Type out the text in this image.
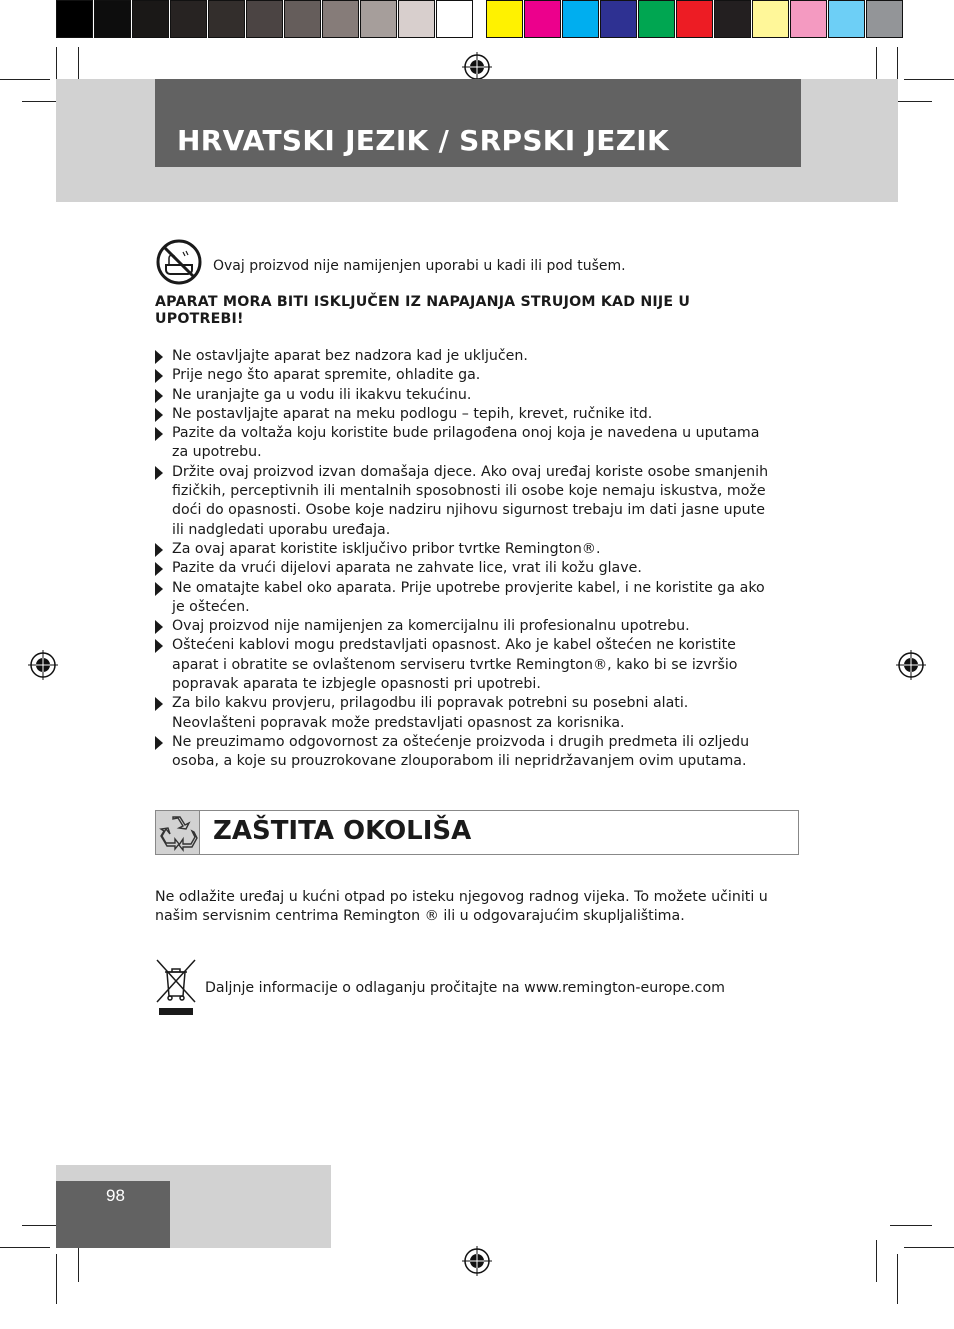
HRVATSKI JEZIK / SRPSKI JEZIK
Ovaj proizvod nije namijenjen uporabi u kadi ili pod tušem.

APARAT MORA BITI ISKLJUČEN IZ NAPAJANJA STRUJOM KAD NIJE U UPOTREBI!

Ne ostavljajte aparat bez nadzora kad je uključen.
Prije nego što aparat spremite, ohladite ga.
Ne uranjajte ga u vodu ili ikakvu tekućinu.
Ne postavljajte aparat na meku podlogu – tepih, krevet, ručnike itd.
Pazite da voltaža koju koristite bude prilagođena onoj koja je navedena u uputama za upotrebu.
Držite ovaj proizvod izvan domašaja djece. Ako ovaj uređaj koriste osobe smanjenih fizičkih, perceptivnih ili mentalnih sposobnosti ili osobe koje nemaju iskustva, može doći do opasnosti. Osobe koje nadziru njihovu sigurnost trebaju im dati jasne upute ili nadgledati uporabu uređaja.
Za ovaj aparat koristite isključivo pribor tvrtke Remington®.
Pazite da vrući dijelovi aparata ne zahvate lice, vrat ili kožu glave.
Ne omatajte kabel oko aparata. Prije upotrebe provjerite kabel, i ne koristite ga ako je oštećen.
Ovaj proizvod nije namijenjen za komercijalnu ili profesionalnu upotrebu.
Oštećeni kablovi mogu predstavljati opasnost. Ako je kabel oštećen ne koristite aparat i obratite se ovlaštenom serviseru tvrtke Remington®, kako bi se izvršio popravak aparata te izbjegle opasnosti pri upotrebi.
Za bilo kakvu provjeru, prilagodbu ili popravak potrebni su posebni alati. Neovlašteni popravak može predstavljati opasnost za korisnika.
Ne preuzimamo odgovornost za oštećenje proizvoda i drugih predmeta ili ozljedu osoba, a koje su prouzrokovane zlouporabom ili nepridržavanjem ovim uputama.
ZAŠTITA OKOLIŠA

Ne odlažite uređaj u kućni otpad po isteku njegovog radnog vijeka. To možete učiniti u našim servisnim centrima Remington ® ili u odgovarajućim skupljalištima.

Daljnje informacije o odlaganju pročitajte na www.remington-europe.com
98
